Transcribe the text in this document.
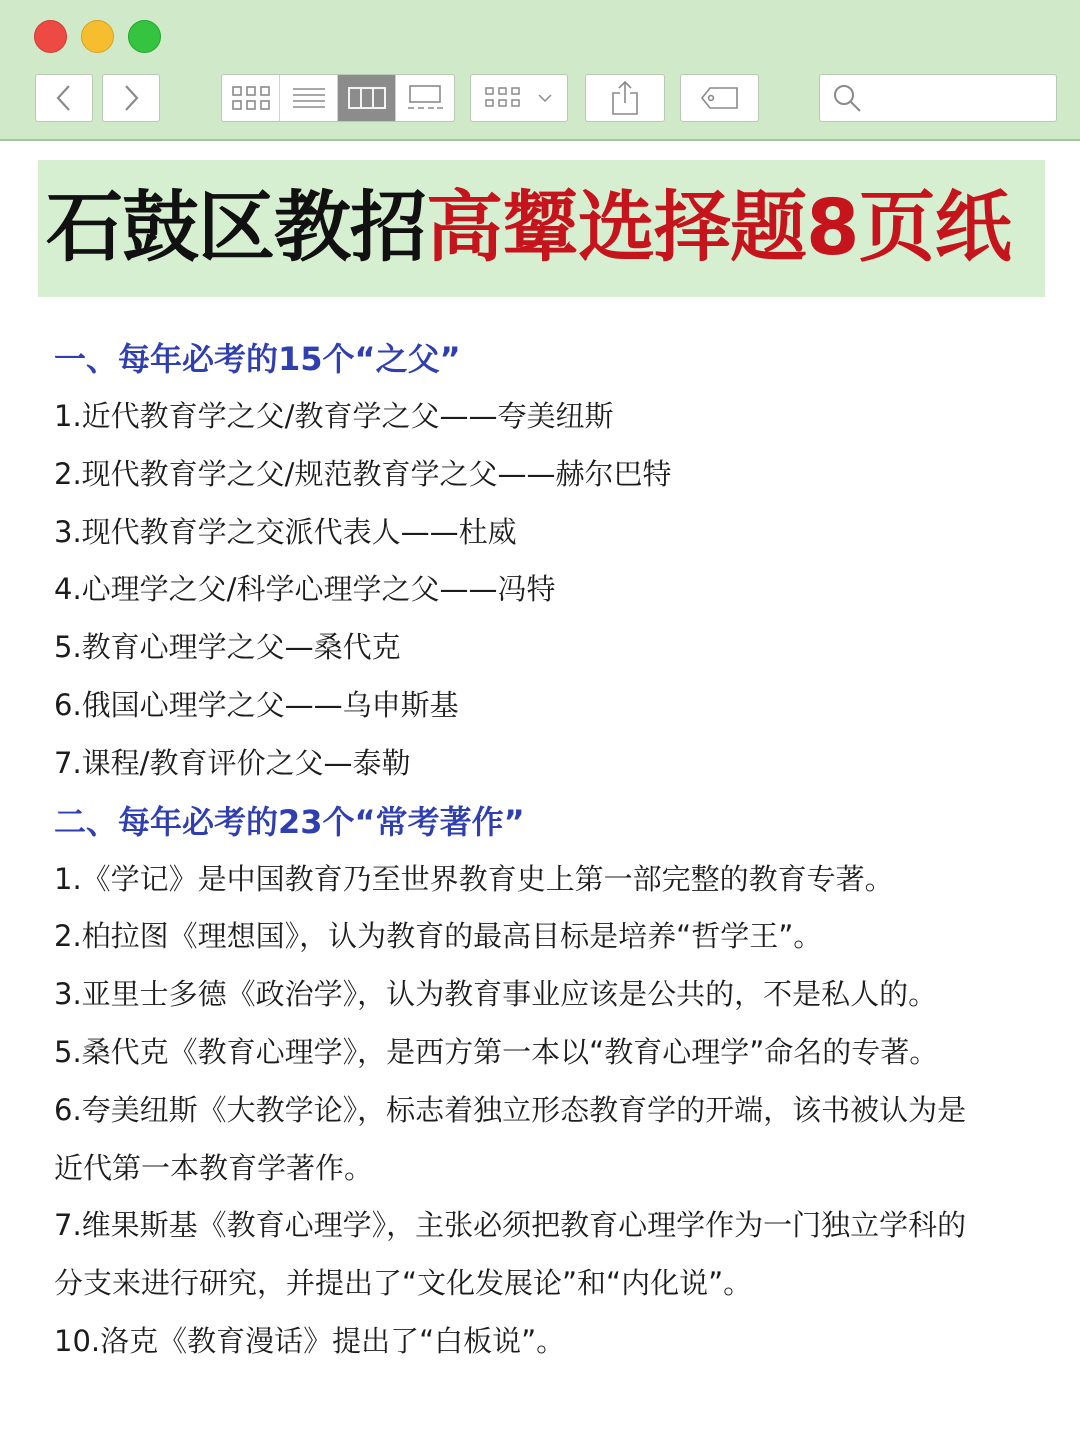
石鼓区教招高颦选择题8页纸
一、每年必考的15个“之父”
1.近代教育学之父/教育学之父——夸美纽斯
2.现代教育学之父/规范教育学之父——赫尔巴特
3.现代教育学之交派代表人——杜威
4.心理学之父/科学心理学之父——冯特
5.教育心理学之父—桑代克
6.俄国心理学之父——乌申斯基
7.课程/教育评价之父—泰勒
二、每年必考的23个“常考著作”
1.《学记》是中国教育乃至世界教育史上第一部完整的教育专著。
2.柏拉图《理想国》，认为教育的最高目标是培养“哲学王”。
3.亚里士多德《政治学》，认为教育事业应该是公共的，不是私人的。
5.桑代克《教育心理学》，是西方第一本以“教育心理学”命名的专著。
6.夸美纽斯《大教学论》，标志着独立形态教育学的开端，该书被认为是
近代第一本教育学著作。
7.维果斯基《教育心理学》，主张必须把教育心理学作为一门独立学科的
分支来进行研究，并提出了“文化发展论”和“内化说”。
10.洛克《教育漫话》提出了“白板说”。
